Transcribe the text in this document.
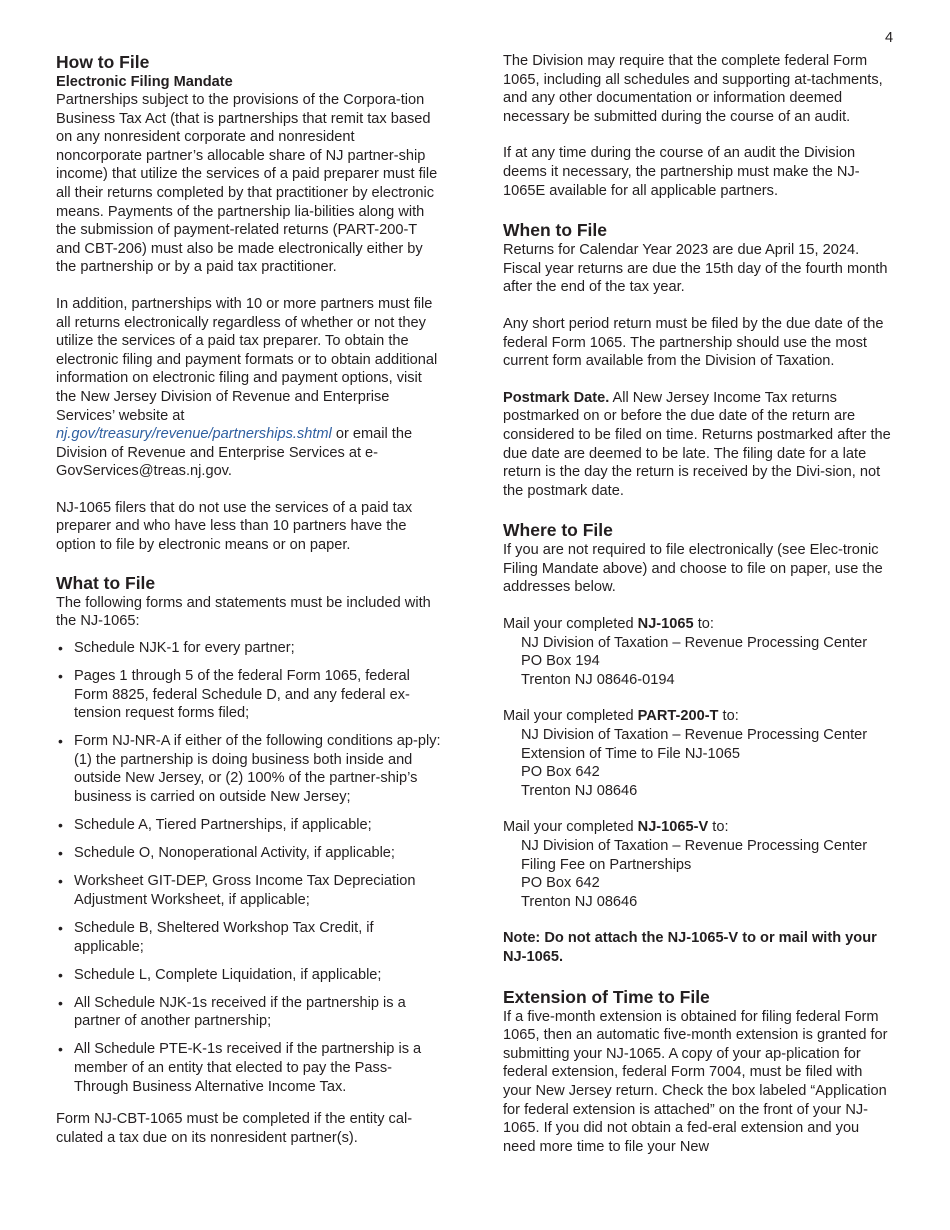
4
How to File
Electronic Filing Mandate

Partnerships subject to the provisions of the Corpora-tion Business Tax Act (that is partnerships that remit tax based on any nonresident corporate and nonresident noncorporate partner’s allocable share of NJ partner-ship income) that utilize the services of a paid preparer must file all their returns completed by that practitioner by electronic means. Payments of the partnership lia-bilities along with the submission of payment-related returns (PART-200-T and CBT-206) must also be made electronically either by the partnership or by a paid tax practitioner.

In addition, partnerships with 10 or more partners must file all returns electronically regardless of whether or not they utilize the services of a paid tax preparer. To obtain the electronic filing and payment formats or to obtain additional information on electronic filing and payment options, visit the New Jersey Division of Revenue and Enterprise Services’ website at nj.gov/treasury/revenue/partnerships.shtml or email the Division of Revenue and Enterprise Services at e-GovServices@treas.nj.gov.

NJ-1065 filers that do not use the services of a paid tax preparer and who have less than 10 partners have the option to file by electronic means or on paper.

What to File

The following forms and statements must be included with the NJ-1065:

• Schedule NJK-1 for every partner;
• Pages 1 through 5 of the federal Form 1065, federal Form 8825, federal Schedule D, and any federal ex-tension request forms filed;
• Form NJ-NR-A if either of the following conditions ap-ply: (1) the partnership is doing business both inside and outside New Jersey, or (2) 100% of the partner-ship’s business is carried on outside New Jersey;
• Schedule A, Tiered Partnerships, if applicable;
• Schedule O, Nonoperational Activity, if applicable;
• Worksheet GIT-DEP, Gross Income Tax Depreciation Adjustment Worksheet, if applicable;
• Schedule B, Sheltered Workshop Tax Credit, if applicable;
• Schedule L, Complete Liquidation, if applicable;
• All Schedule NJK-1s received if the partnership is a partner of another partnership;
• All Schedule PTE-K-1s received if the partnership is a member of an entity that elected to pay the Pass-Through Business Alternative Income Tax.

Form NJ-CBT-1065 must be completed if the entity cal-culated a tax due on its nonresident partner(s).

The Division may require that the complete federal Form 1065, including all schedules and supporting at-tachments, and any other documentation or information deemed necessary be submitted during the course of an audit.

If at any time during the course of an audit the Division deems it necessary, the partnership must make the NJ-1065E available for all applicable partners.

When to File

Returns for Calendar Year 2023 are due April 15, 2024. Fiscal year returns are due the 15th day of the fourth month after the end of the tax year.

Any short period return must be filed by the due date of the federal Form 1065. The partnership should use the most current form available from the Division of Taxation.

Postmark Date. All New Jersey Income Tax returns postmarked on or before the due date of the return are considered to be filed on time. Returns postmarked after the due date are deemed to be late. The filing date for a late return is the day the return is received by the Divi-sion, not the postmark date.

Where to File

If you are not required to file electronically (see Elec-tronic Filing Mandate above) and choose to file on paper, use the addresses below.

Mail your completed NJ-1065 to:
NJ Division of Taxation – Revenue Processing Center
PO Box 194
Trenton NJ 08646-0194
Mail your completed PART-200-T to:
NJ Division of Taxation – Revenue Processing Center
Extension of Time to File NJ-1065
PO Box 642
Trenton NJ 08646
Mail your completed NJ-1065-V to:
NJ Division of Taxation – Revenue Processing Center
Filing Fee on Partnerships
PO Box 642
Trenton NJ 08646

Note: Do not attach the NJ-1065-V to or mail with your NJ-1065.

Extension of Time to File

If a five-month extension is obtained for filing federal Form 1065, then an automatic five-month extension is granted for submitting your NJ-1065. A copy of your ap-plication for federal extension, federal Form 7004, must be filed with your New Jersey return. Check the box labeled “Application for federal extension is attached” on the front of your NJ-1065. If you did not obtain a fed-eral extension and you need more time to file your New
